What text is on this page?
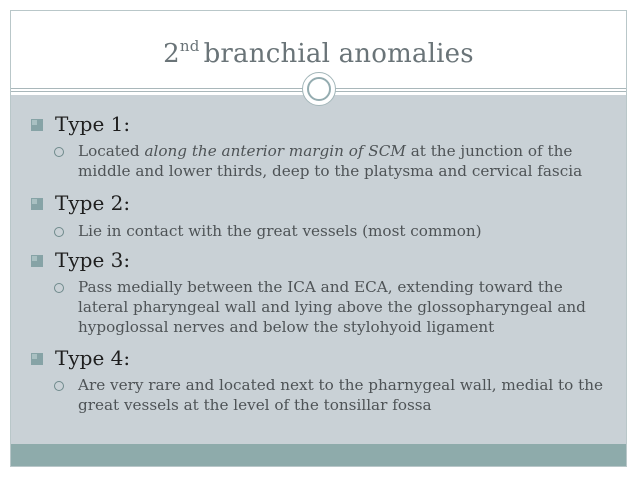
2nd branchial anomalies
Type 1:
Located along the anterior margin of SCM at the junction of the
middle and lower thirds, deep to the platysma and cervical fascia
Type 2:
Lie in contact with the great vessels (most common)
Type 3:
Pass medially between the ICA and ECA, extending toward the
lateral pharyngeal wall and lying above the glossopharyngeal and
hypoglossal nerves and below the stylohyoid ligament
Type 4:
Are very rare and located next to the pharnygeal wall, medial to the
great vessels at the level of the tonsillar fossa
